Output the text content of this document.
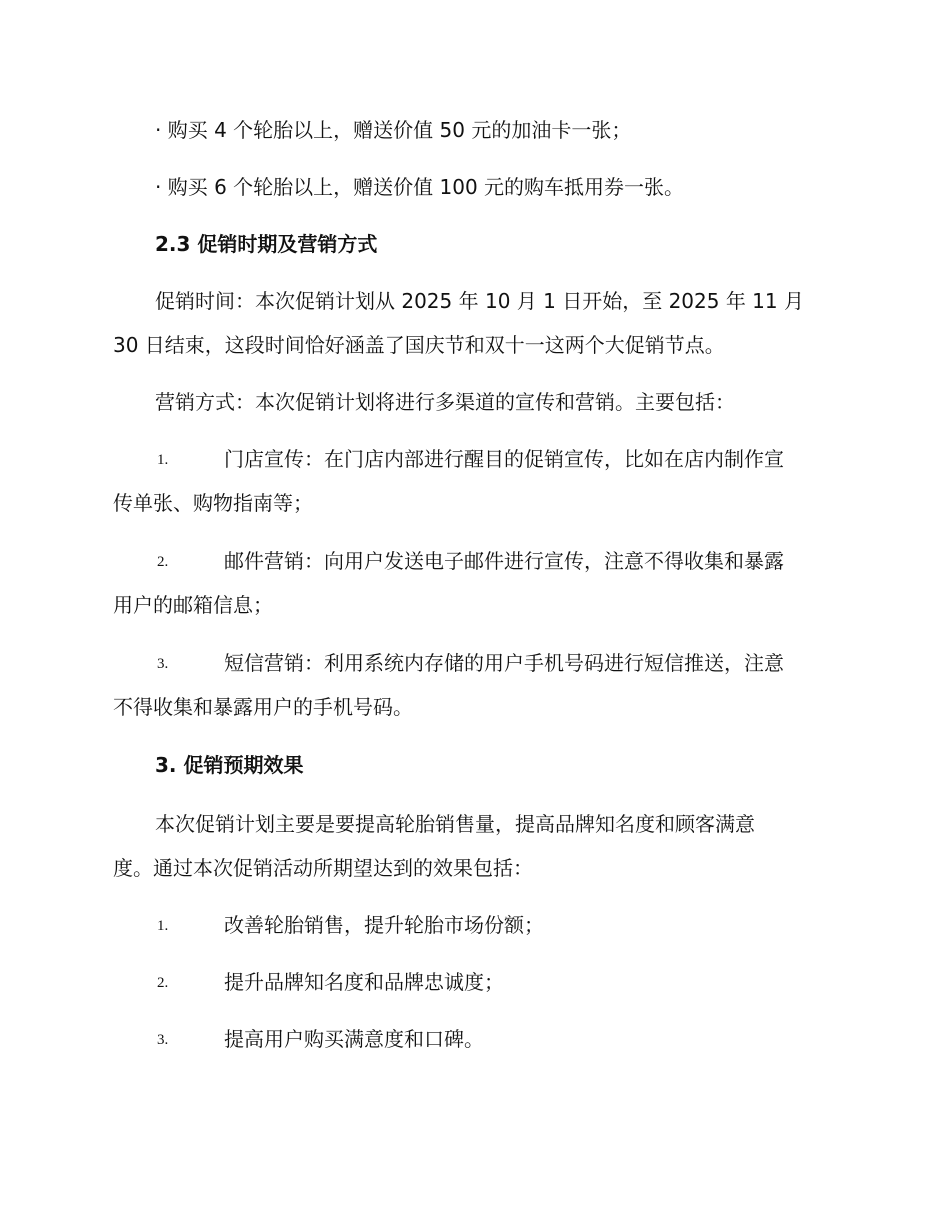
· 购买 4 个轮胎以上，赠送价值 50 元的加油卡一张；
· 购买 6 个轮胎以上，赠送价值 100 元的购车抵用券一张。
2.3 促销时期及营销方式
促销时间：本次促销计划从 2025 年 10 月 1 日开始，至 2025 年 11 月
30 日结束，这段时间恰好涵盖了国庆节和双十一这两个大促销节点。
营销方式：本次促销计划将进行多渠道的宣传和营销。主要包括：
1.	门店宣传：在门店内部进行醒目的促销宣传，比如在店内制作宣
传单张、购物指南等；
2.	邮件营销：向用户发送电子邮件进行宣传，注意不得收集和暴露
用户的邮箱信息；
3.	短信营销：利用系统内存储的用户手机号码进行短信推送，注意
不得收集和暴露用户的手机号码。
3. 促销预期效果
本次促销计划主要是要提高轮胎销售量，提高品牌知名度和顾客满意
度。通过本次促销活动所期望达到的效果包括：
1.	改善轮胎销售，提升轮胎市场份额；
2.	提升品牌知名度和品牌忠诚度；
3.	提高用户购买满意度和口碑。
